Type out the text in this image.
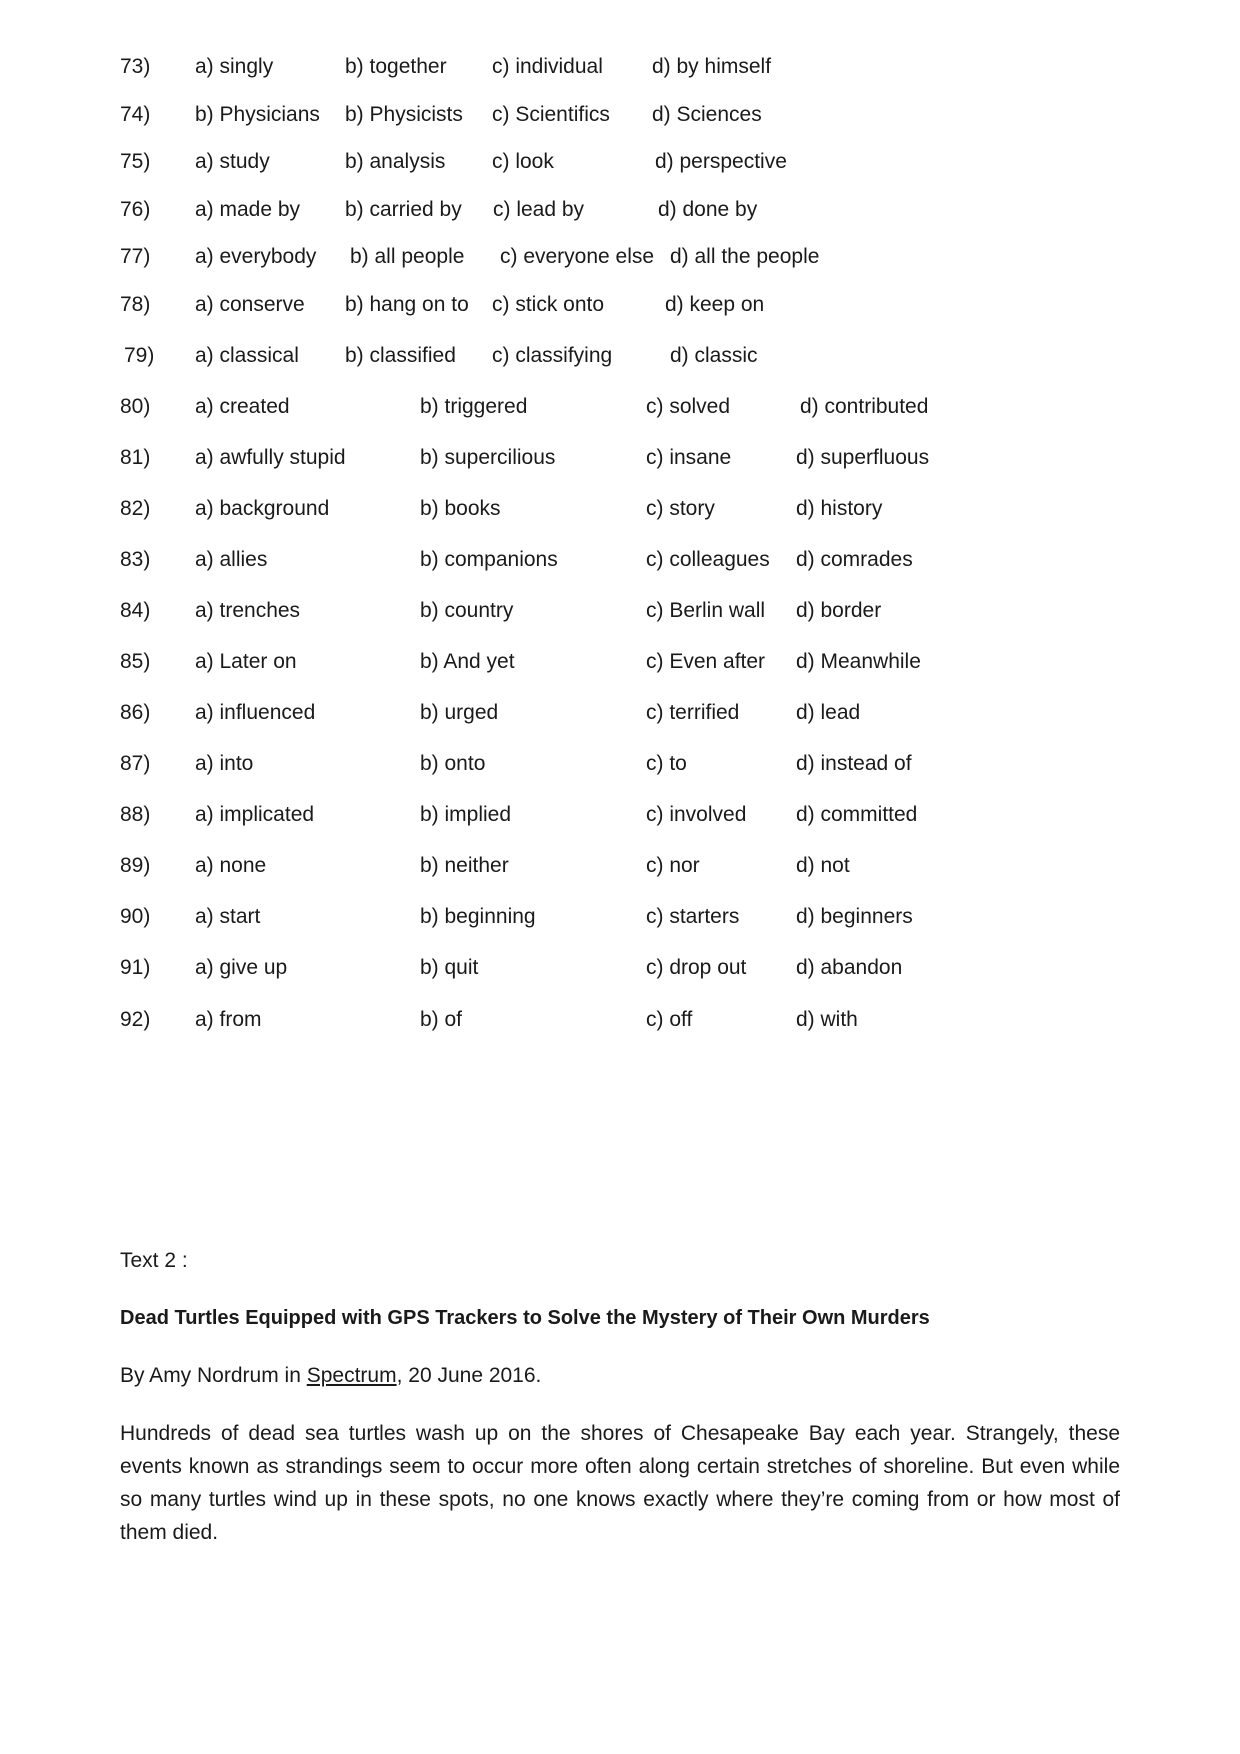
73) a) singly	b) together c) individual d) by himself
74) b) Physicians b) Physicists c) Scientifics d) Sciences
75) a) study	b) analysis c) look	d) perspective
76) a) made by b) carried by c) lead by	d) done by
77) a) everybody b) all people c) everyone else d) all the people
78) a) conserve b) hang on to c) stick onto	d) keep on
79) a) classical b) classified c) classifying	d) classic
80) a) created	b) triggered	c) solved	d) contributed
81) a) awfully stupid	b) supercilious	c) insane	d) superfluous
82) a) background	b) books	c) story	d) history
83) a) allies	b) companions	c) colleagues d) comrades
84) a) trenches	b) country	c) Berlin wall d) border
85) a) Later on	b) And yet	c) Even after d) Meanwhile
86) a) influenced	b) urged	c) terrified	d) lead
87) a) into	b) onto	c) to	d) instead of
88) a) implicated	b) implied	c) involved d) committed
89) a) none	b) neither	c) nor	d) not
90) a) start	b) beginning	c) starters	d) beginners
91) a) give up	b) quit	c) drop out d) abandon
92) a) from	b) of	c) off	d) with
Text 2 :
Dead Turtles Equipped with GPS Trackers to Solve the Mystery of Their Own Murders
By Amy Nordrum in Spectrum, 20 June 2016.
Hundreds of dead sea turtles wash up on the shores of Chesapeake Bay each year. Strangely, these events known as strandings seem to occur more often along certain stretches of shoreline. But even while so many turtles wind up in these spots, no one knows exactly where they’re coming from or how most of them died.
